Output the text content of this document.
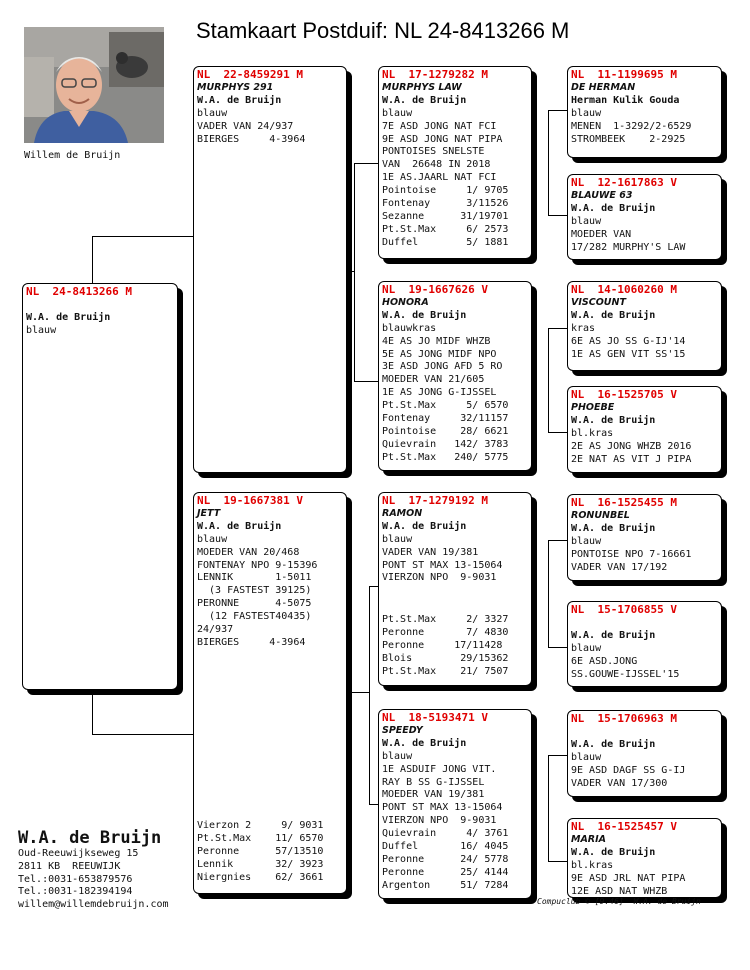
Stamkaart Postduif: NL 24-8413266 M
Willem de Bruijn
NL  24-8413266 M
W.A. de Bruijn
blauw
NL  22-8459291 M
MURPHYS 291
W.A. de Bruijn
blauw
VADER VAN 24/937
BIERGES     4-3964
NL  19-1667381 V
JETT
W.A. de Bruijn
blauw
MOEDER VAN 20/468
FONTENAY NPO 9-15396
LENNIK       1-5011
(3 FASTEST 39125)
PERONNE      4-5075
(12 FASTEST40435)
24/937
BIERGES     4-3964
Vierzon 2     9/ 9031
Pt.St.Max    11/ 6570
Peronne      57/13510
Lennik       32/ 3923
Niergnies    62/ 3661
NL  17-1279282 M
MURPHYS LAW
W.A. de Bruijn
blauw
7E ASD JONG NAT FCI
9E ASD JONG NAT PIPA
PONTOISES SNELSTE
VAN  26648 IN 2018
1E AS.JAARL NAT FCI
Pointoise     1/ 9705
Fontenay      3/11526
Sezanne      31/19701
Pt.St.Max     6/ 2573
Duffel        5/ 1881
NL  19-1667626 V
HONORA
W.A. de Bruijn
blauwkras
4E AS JO MIDF WHZB
5E AS JONG MIDF NPO
3E ASD JONG AFD 5 RO
MOEDER VAN 21/605
1E AS JONG G-IJSSEL
Pt.St.Max     5/ 6570
Fontenay     32/11157
Pointoise    28/ 6621
Quievrain   142/ 3783
Pt.St.Max   240/ 5775
NL  17-1279192 M
RAMON
W.A. de Bruijn
blauw
VADER VAN 19/381
PONT ST MAX 13-15064
VIERZON NPO  9-9031
Pt.St.Max     2/ 3327
Peronne       7/ 4830
Peronne     17/11428
Blois        29/15362
Pt.St.Max    21/ 7507
NL  18-5193471 V
SPEEDY
W.A. de Bruijn
blauw
1E ASDUIF JONG VIT.
RAY B SS G-IJSSEL
MOEDER VAN 19/381
PONT ST MAX 13-15064
VIERZON NPO  9-9031
Quievrain     4/ 3761
Duffel       16/ 4045
Peronne      24/ 5778
Peronne      25/ 4144
Argenton     51/ 7284
NL  11-1199695 M
DE HERMAN
Herman Kulik Gouda
blauw
MENEN  1-3292/2-6529
STROMBEEK    2-2925
NL  12-1617863 V
BLAUWE 63
W.A. de Bruijn
blauw
MOEDER VAN
17/282 MURPHY'S LAW
NL  14-1060260 M
VISCOUNT
W.A. de Bruijn
kras
6E AS JO SS G-IJ'14
1E AS GEN VIT SS'15
NL  16-1525705 V
PHOEBE
W.A. de Bruijn
bl.kras
2E AS JONG WHZB 2016
2E NAT AS VIT J PIPA
NL  16-1525455 M
RONUNBEL
W.A. de Bruijn
blauw
PONTOISE NPO 7-16661
VADER VAN 17/192
NL  15-1706855 V
W.A. de Bruijn
blauw
6E ASD.JONG
SS.GOUWE-IJSSEL'15
NL  15-1706963 M
W.A. de Bruijn
blauw
9E ASD DAGF SS G-IJ
VADER VAN 17/300
NL  16-1525457 V
MARIA
W.A. de Bruijn
bl.kras
9E ASD JRL NAT PIPA
12E ASD NAT WHZB
W.A. de Bruijn
Oud-Reeuwijkseweg 15
2811 KB  REEUWIJK
Tel.:0031-653879576
Tel.:0031-182394194
willem@willemdebruijn.com	Compuclub © [9.46]  W.A. de Bruijn
